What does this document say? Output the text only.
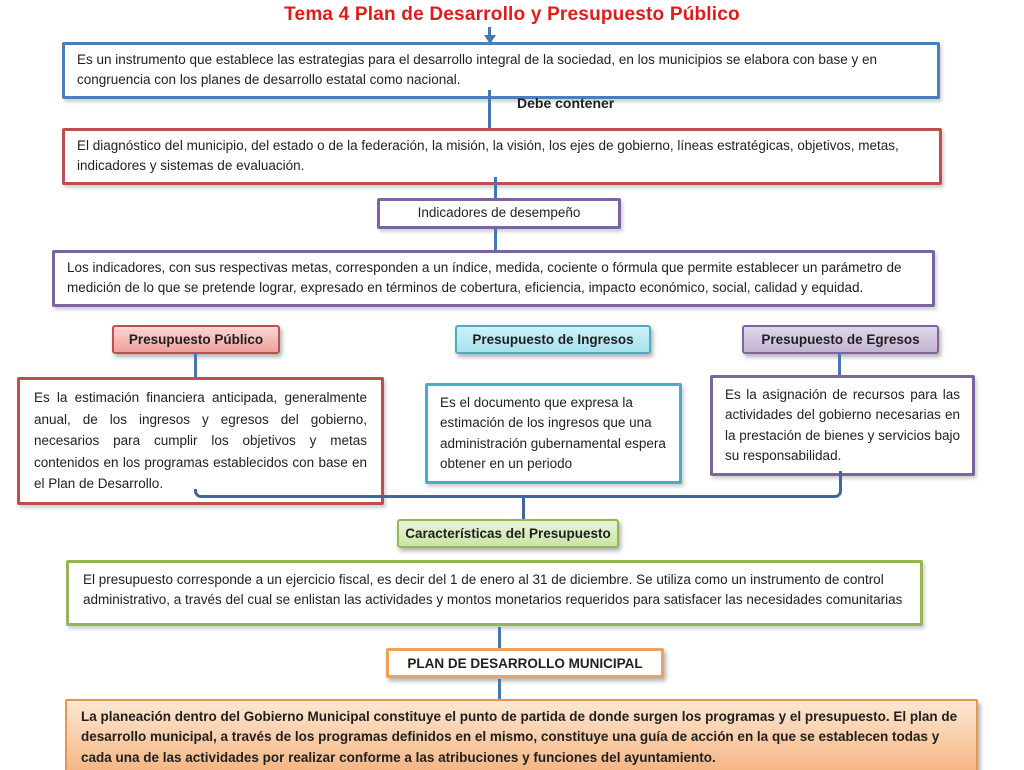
Tema 4 Plan de Desarrollo y Presupuesto Público
Es un instrumento que establece las estrategias para el desarrollo integral de la sociedad, en los municipios se elabora con base y en congruencia con los planes de desarrollo estatal como nacional.
Debe contener
El diagnóstico del municipio, del estado o de la federación, la misión, la visión, los ejes de gobierno, líneas estratégicas, objetivos, metas, indicadores y sistemas de evaluación.
Indicadores de desempeño
Los indicadores, con sus respectivas metas, corresponden a un índice, medida, cociente o fórmula que permite establecer un parámetro de medición de lo que se pretende lograr, expresado en términos de cobertura, eficiencia, impacto económico, social, calidad y equidad.
Presupuesto Público	Presupuesto de Ingresos	Presupuesto de Egresos
Es la estimación financiera anticipada, generalmente anual, de los ingresos y egresos del gobierno, necesarios para cumplir los objetivos y metas contenidos en los programas establecidos con base en el Plan de Desarrollo.
Es el documento que expresa la estimación de los ingresos que una administración gubernamental espera obtener en un periodo
Es la asignación de recursos para las actividades del gobierno necesarias en la prestación de bienes y servicios bajo su responsabilidad.
Características del Presupuesto
El presupuesto corresponde a un ejercicio fiscal, es decir del 1 de enero al 31 de diciembre. Se utiliza como un instrumento de control administrativo, a través del cual se enlistan las actividades y montos monetarios requeridos para satisfacer las necesidades comunitarias
PLAN DE DESARROLLO MUNICIPAL
La planeación dentro del Gobierno Municipal constituye el punto de partida de donde surgen los programas y el presupuesto. El plan de desarrollo municipal, a través de los programas definidos en el mismo, constituye una guía de acción en la que se establecen todas y cada una de las actividades por realizar conforme a las atribuciones y funciones del ayuntamiento.
